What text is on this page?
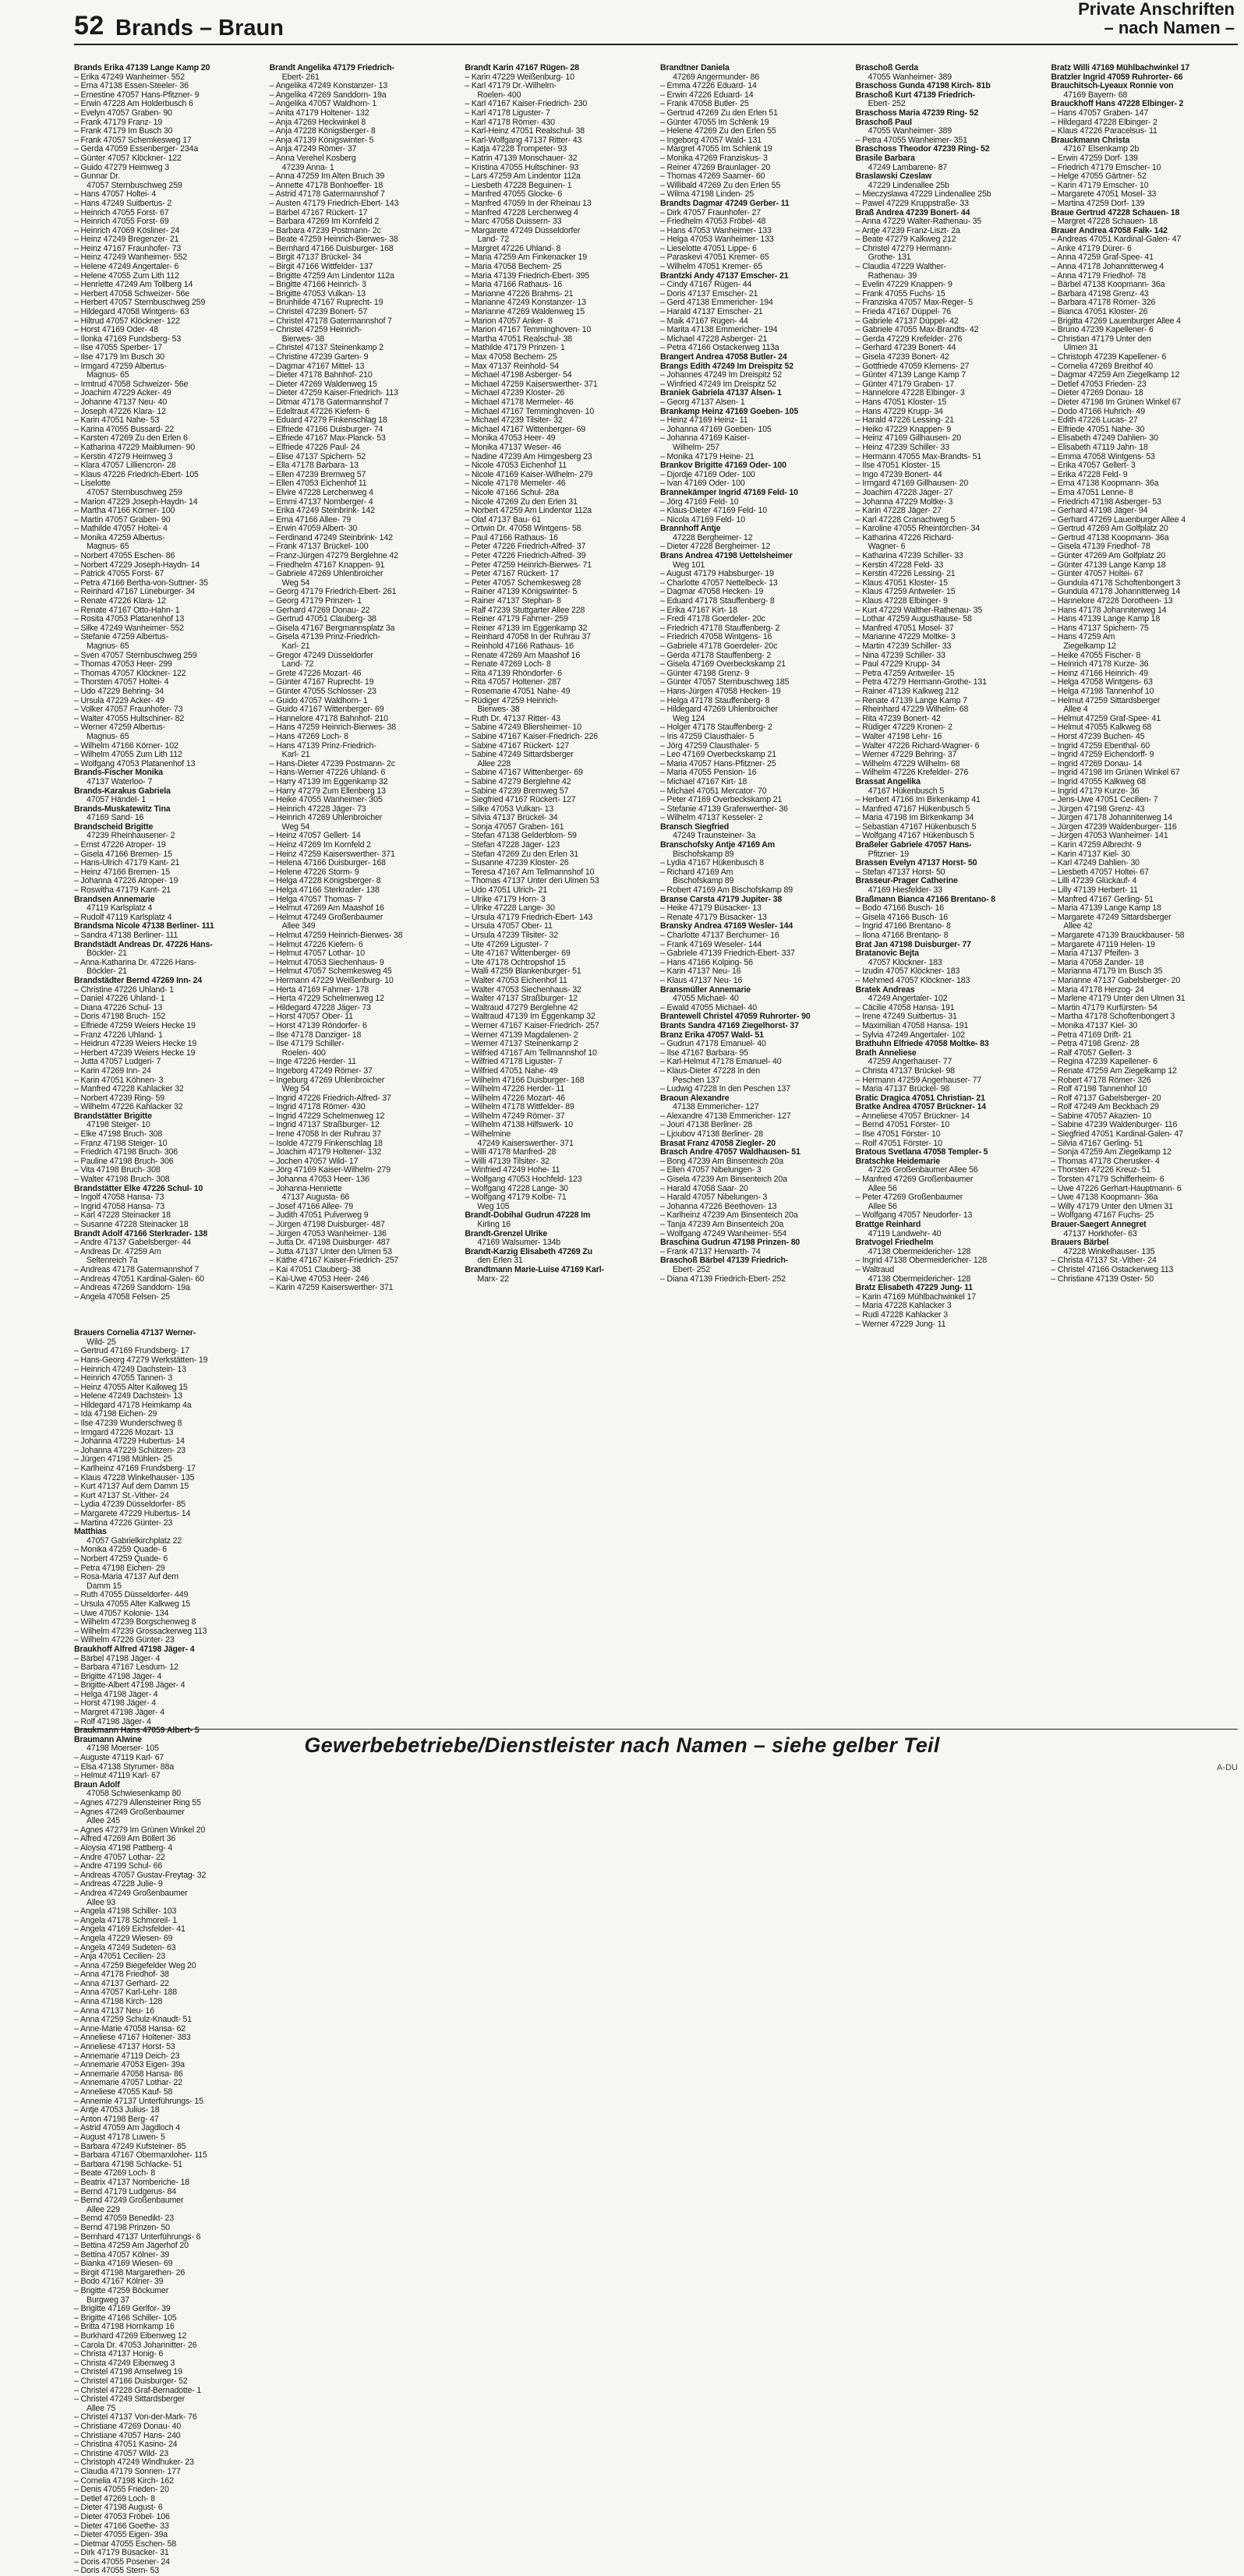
52 Brands – Braun
Private Anschriften
– nach Namen –
Brands Erika 47139 Lange Kamp 20
– Erika 47249 Wanheimer- 552
– Erna 47138 Essen-Steeler- 36
– Ernestine 47057 Hans-Pfitzner- 9
– Erwin 47228 Am Holderbusch 6
– Evelyn 47057 Graben- 90
– Frank 47179 Franz- 19
– Frank 47179 Im Busch 30
– Frank 47057 Schemkesweg 17
– Gerda 47059 Essenberger- 234a
– Günter 47057 Klöckner- 122
– Guido 47279 Heimweg 3
– Gunnar Dr.
47057 Sternbuschweg 259
– Hans 47057 Holtei- 4
– Hans 47249 Suitbertus- 2
– Heinrich 47055 Forst- 67
– Heinrich 47055 Forst- 69
– Heinrich 47069 Kösliner- 24
– Heinz 47249 Bregenzer- 21
– Heinz 47167 Fraunhofer- 73
– Heinz 47249 Wanheimer- 552
– Helene 47249 Angertaler- 6
– Helene 47055 Zum Lith 112
– Henriette 47249 Am Tollberg 14
– Herbert 47058 Schweizer- 56e
– Herbert 47057 Sternbuschweg 259
– Hildegard 47058 Wintgens- 63
– Hiltrud 47057 Klöckner- 122
– Horst 47169 Oder- 48
– Ilonka 47169 Fundsberg- 53
– Ilse 47055 Sperber- 17
– Ilse 47179 Im Busch 30
– Irmgard 47259 Albertus-
Magnus- 65
– Irmtrud 47058 Schweizer- 56e
– Joachim 47229 Acker- 49
– Johanne 47137 Neu- 40
– Joseph 47226 Klara- 12
– Karin 47051 Nahe- 53
– Karina 47055 Bussard- 22
– Karsten 47269 Zu den Erlen 6
– Katharina 47229 Maiblumen- 90
– Kerstin 47279 Heimweg 3
– Klara 47057 Lilliencron- 28
– Klaus 47226 Friedrich-Ebert- 105
– Liselotte
47057 Sternbuschweg 259
– Marion 47229 Joseph-Haydn- 14
– Martha 47166 Körner- 100
– Martin 47057 Graben- 90
– Mathilde 47057 Holtei- 4
– Monika 47259 Albertus-
Magnus- 65
– Norbert 47055 Eschen- 86
– Norbert 47229 Joseph-Haydn- 14
– Patrick 47055 Forst- 67
– Petra 47166 Bertha-von-Suttner- 35
– Reinhard 47167 Lüneburger- 34
– Renate 47226 Klara- 12
– Renate 47167 Otto-Hahn- 1
– Rosita 47053 Platanenhof 13
– Silke 47249 Wanheimer- 552
– Stefanie 47259 Albertus-
Magnus- 65
– Sven 47057 Sternbuschweg 259
– Thomas 47053 Heer- 299
– Thomas 47057 Klöckner- 122
– Thorsten 47057 Holtei- 4
– Udo 47229 Behring- 34
– Ursula 47229 Acker- 49
– Volker 47057 Fraunhofer- 73
– Walter 47055 Hultschiner- 82
– Werner 47259 Albertus-
Magnus- 65
– Wilhelm 47166 Körner- 102
– Wilhelm 47055 Zum Lith 112
– Wolfgang 47053 Platanenhof 13
Brands-Fischer Monika
47137 Waterloo- 7
Brands-Karakus Gabriela
47057 Händel- 1
Brands-Muskatewitz Tina
47169 Sand- 16
Brandscheid Brigitte
47239 Rheinhausener- 2
– Ernst 47226 Atroper- 19
– Gisela 47166 Bremen- 15
– Hans-Ulrich 47179 Kant- 21
– Heinz 47166 Bremen- 15
– Johanna 47226 Atroper- 19
– Roswitha 47179 Kant- 21
Brandsen Annemarie
47119 Karlsplatz 4
– Rudolf 47119 Karlsplatz 4
Brandsma Nicole 47138 Berliner- 111
– Sandra 47138 Berliner- 111
Brandstädt Andreas Dr. 47226 Hans-
Böckler- 21
– Anna-Katharina Dr. 47226 Hans-
Böckler- 21
Brandstädter Bernd 47269 Inn- 24
– Christine 47226 Uhland- 1
– Daniel 47226 Uhland- 1
– Diana 47226 Schul- 13
– Doris 47198 Bruch- 152
– Elfriede 47259 Weiers Hecke 19
– Franz 47226 Uhland- 1
– Heidrun 47239 Weiers Hecke 19
– Herbert 47239 Weiers Hecke 19
– Jutta 47057 Ludgeri- 7
– Karin 47269 Inn- 24
– Karin 47051 Köhnen- 3
– Manfred 47228 Kahlacker 32
– Norbert 47239 Ring- 59
– Wilhelm 47226 Kahlacker 32
Brandstätter Brigitte
47198 Steiger- 10
– Elke 47198 Bruch- 308
– Franz 47198 Steiger- 10
– Friedrich 47198 Bruch- 306
– Pauline 47198 Bruch- 306
– Vita 47198 Bruch- 308
– Walter 47198 Bruch- 308
Brandstätter Elke 47226 Schul- 10
– Ingolf 47058 Hansa- 73
– Ingrid 47058 Hansa- 73
– Karl 47228 Steinacker 18
– Susanne 47228 Steinacker 18
Brandt Adolf 47166 Sterkrader- 138
– Andre 47137 Gabelsberger- 44
– Andreas Dr. 47259 Am
Seltenreich 7a
– Andreas 47178 Gatermannshof 7
– Andreas 47051 Kardinal-Galen- 60
– Andreas 47269 Sanddorn- 19a
– Angela 47058 Felsen- 25
Brandt Angelika 47179 Friedrich-
Ebert- 261
– Angelika 47249 Konstanzer- 13
– Angelika 47269 Sanddorn- 19a
– Angelika 47057 Waldhorn- 1
– Anita 47179 Holtener- 132
– Anja 47269 Heckwinkel 8
– Anja 47228 Königsberger- 8
– Anja 47139 Königswinter- 5
– Anja 47249 Römer- 37
– Anna Verehel Kosberg
47239 Anna- 1
– Anna 47259 Im Alten Bruch 39
– Annette 47178 Bonhoeffer- 18
– Astrid 47178 Gatermannshof 7
– Austen 47179 Friedrich-Ebert- 143
– Bärbel 47167 Rückert- 17
– Barbara 47269 Im Kornfeld 2
– Barbara 47239 Postmann- 2c
– Beate 47259 Heinrich-Bierwes- 38
– Bernhard 47166 Duisburger- 168
– Birgit 47137 Brückel- 34
– Birgit 47166 Wittfelder- 137
– Brigitte 47259 Am Lindentor 112a
– Brigitte 47166 Heinrich- 3
– Brigitte 47053 Vulkan- 13
– Brunhilde 47167 Ruprecht- 19
– Christel 47239 Bonert- 57
– Christel 47178 Gatermannshof 7
– Christel 47259 Heinrich-
Bierwes- 38
– Christel 47137 Steinenkamp 2
– Christine 47239 Garten- 9
– Dagmar 47167 Mittel- 13
– Dieter 47178 Bahnhof- 210
– Dieter 47269 Waldenweg 15
– Dieter 47259 Kaiser-Friedrich- 113
– Ditmar 47178 Gatermannshof 7
– Edeltraut 47226 Kiefern- 6
– Eduard 47279 Finkenschlag 18
– Elfriede 47166 Duisburger- 74
– Elfriede 47167 Max-Planck- 53
– Elfriede 47226 Paul- 24
– Elise 47137 Spichern- 52
– Ella 47178 Barbara- 13
– Ellen 47239 Bremweg 57
– Ellen 47053 Eichenhof 11
– Elvire 47228 Lerchenweg 4
– Emmi 47137 Nomberger- 4
– Erika 47249 Steinbrink- 142
– Erna 47166 Allee- 79
– Erwin 47059 Albert- 30
– Ferdinand 47249 Steinbrink- 142
– Frank 47137 Brückel- 100
– Franz-Jürgen 47279 Berglehne 42
– Friedhelm 47167 Knappen- 91
– Gabriele 47269 Uhlenbroicher
Weg 54
– Georg 47179 Friedrich-Ebert- 261
– Georg 47179 Prinzen- 1
– Gerhard 47269 Donau- 22
– Gertrud 47051 Clauberg- 38
– Gisela 47167 Bergmannsplatz 3a
– Gisela 47139 Prinz-Friedrich-
Karl- 21
– Gregor 47249 Düsseldorfer
Land- 72
– Grete 47226 Mozart- 46
– Günter 47167 Ruprecht- 19
– Günter 47055 Schlosser- 23
– Guido 47057 Waldhorn- 1
– Guido 47167 Wittenberger- 69
– Hannelore 47178 Bahnhof- 210
– Hans 47259 Heinrich-Bierwes- 38
– Hans 47269 Loch- 8
– Hans 47139 Prinz-Friedrich-
Karl- 21
– Hans-Dieter 47239 Postmann- 2c
– Hans-Werner 47226 Uhland- 6
– Harry 47139 Im Eggenkamp 32
– Harry 47279 Zum Ellenberg 13
– Heike 47055 Wanheimer- 305
– Heinrich 47228 Jäger- 73
– Heinrich 47269 Uhlenbroicher
Weg 54
– Heinz 47057 Gellert- 14
– Heinz 47269 Im Kornfeld 2
– Heinz 47259 Kaiserswerther- 371
– Helena 47166 Duisburger- 168
– Helene 47226 Storm- 9
– Helga 47228 Königsberger- 8
– Helga 47166 Sterkrader- 138
– Helga 47057 Thomas- 7
– Helmut 47269 Am Maashof 16
– Helmut 47249 Großenbaumer
Allee 349
– Helmut 47259 Heinrich-Bierwes- 38
– Helmut 47226 Kiefern- 6
– Helmut 47057 Lothar- 10
– Helmut 47053 Siechenhaus- 9
– Helmut 47057 Schemkesweg 45
– Hermann 47229 Weißenburg- 10
– Herta 47169 Fahrner- 178
– Herta 47229 Schelmenweg 12
– Hildegard 47228 Jäger- 73
– Horst 47057 Ober- 11
– Horst 47139 Röndorfer- 6
– Ilse 47178 Danziger- 18
– Ilse 47179 Schiller-
Roelen- 400
– Inge 47226 Herder- 11
– Ingeborg 47249 Römer- 37
– Ingeburg 47269 Uhlenbroicher
Weg 54
– Ingrid 47226 Friedrich-Alfred- 37
– Ingrid 47178 Römer- 430
– Ingrid 47229 Schelmenweg 12
– Ingrid 47137 Straßburger- 12
– Irene 47058 In der Ruhrau 37
– Isolde 47279 Finkenschlag 18
– Joachim 47179 Holtener- 132
– Jochen 47057 Wild- 17
– Jörg 47169 Kaiser-Wilhelm- 279
– Johanna 47053 Heer- 136
– Johanna-Henriette
47137 Augusta- 66
– Josef 47166 Allee- 79
– Judith 47051 Pulverweg 9
– Jürgen 47198 Duisburger- 487
– Jürgen 47053 Wanheimer- 136
– Jutta Dr. 47198 Duisburger- 487
– Jutta 47137 Unter den Ulmen 53
– Käthe 47167 Kaiser-Friedrich- 257
– Kai 47051 Clauberg- 38
– Kai-Uwe 47053 Heer- 246
– Karin 47259 Kaiserswerther- 371
Brandt Karin 47167 Rügen- 28
– Karin 47229 Weißenburg- 10
– Karl 47179 Dr.-Wilhelm-
Roelen- 400
– Karl 47167 Kaiser-Friedrich- 230
– Karl 47178 Liguster- 7
– Karl 47178 Römer- 430
– Karl-Heinz 47051 Realschul- 38
– Karl-Wolfgang 47137 Ritter- 43
– Katja 47228 Trompeter- 93
– Katrin 47139 Monschauer- 32
– Kristina 47055 Hultschiner- 93
– Lars 47259 Am Lindentor 112a
– Liesbeth 47228 Beguinen- 1
– Manfred 47055 Glocke- 6
– Manfred 47059 In der Rheinau 13
– Manfred 47228 Lerchenweg 4
– Marc 47058 Duissern- 33
– Margarete 47249 Düsseldorfer
Land- 72
– Margret 47226 Uhland- 8
– Maria 47259 Am Finkenacker 19
– Maria 47058 Bechem- 25
– Maria 47139 Friedrich-Ebert- 395
– Maria 47166 Rathaus- 16
– Marianne 47226 Brahms- 21
– Marianne 47249 Konstanzer- 13
– Marianne 47269 Waldenweg 15
– Marion 47057 Anker- 8
– Marion 47167 Temminghoven- 10
– Martha 47051 Realschul- 38
– Mathilde 47179 Prinzen- 1
– Max 47058 Bechem- 25
– Max 47137 Reinhold- 54
– Michael 47198 Asberger- 54
– Michael 47259 Kaiserswerther- 371
– Michael 47239 Kloster- 26
– Michael 47178 Mermeler- 46
– Michael 47167 Temminghoven- 10
– Michael 47239 Tilsiter- 32
– Michael 47167 Wittenberger- 69
– Monika 47053 Heer- 49
– Monika 47137 Weser- 46
– Nadine 47239 Am Himgesberg 23
– Nicole 47053 Eichenhof 11
– Nicole 47169 Kaiser-Wilhelm- 279
– Nicole 47178 Memeler- 46
– Nicole 47166 Schul- 28a
– Nicole 47269 Zu den Erlen 31
– Norbert 47259 Am Lindentor 112a
– Olaf 47137 Bau- 61
– Ortwin Dr. 47058 Wintgens- 58
– Paul 47166 Rathaus- 16
– Peter 47226 Friedrich-Alfred- 37
– Peter 47226 Friedrich-Alfred- 39
– Peter 47259 Heinrich-Bierwes- 71
– Peter 47167 Rückert- 17
– Peter 47057 Schemkesweg 28
– Rainer 47139 Königswinter- 5
– Rainer 47137 Stephan- 8
– Ralf 47239 Stuttgarter Allee 228
– Reiner 47179 Fahrner- 259
– Reiner 47139 Im Eggenkamp 32
– Reinhard 47058 In der Ruhrau 37
– Reinhold 47166 Rathaus- 16
– Renate 47269 Am Maashof 16
– Renate 47269 Loch- 8
– Rita 47139 Rhöndorfer- 6
– Rita 47057 Holtener- 287
– Rosemarie 47051 Nahe- 49
– Rüdiger 47259 Heinrich-
Bierwes- 38
– Ruth Dr. 47137 Ritter- 43
– Sabine 47249 Bliersheimer- 10
– Sabine 47167 Kaiser-Friedrich- 226
– Sabine 47167 Rückert- 127
– Sabine 47249 Sittardsberger
Allee 228
– Sabine 47167 Wittenberger- 69
– Sabine 47279 Berglehne 42
– Sabine 47239 Bremweg 57
– Siegfried 47167 Rückert- 127
– Silke 47053 Vulkan- 13
– Silvia 47137 Brückel- 34
– Sonja 47057 Graben- 161
– Stefan 47138 Gelderblom- 59
– Stefan 47228 Jäger- 123
– Stefan 47269 Zu den Erlen 31
– Susanne 47239 Kloster- 26
– Teresa 47167 Am Tellmannshof 10
– Thomas 47137 Unter den Ulmen 53
– Udo 47051 Ulrich- 21
– Ulrike 47179 Horn- 3
– Ulrike 47228 Lange- 30
– Ursula 47179 Friedrich-Ebert- 143
– Ursula 47057 Ober- 11
– Ursula 47239 Tilsiter- 32
– Ute 47269 Liguster- 7
– Ute 47167 Wittenberger- 69
– Ute 47178 Ochtropshof 15
– Walli 47259 Blankenburger- 51
– Walter 47053 Eichenhof 11
– Walter 47053 Siechenhaus- 32
– Walter 47137 Straßburger- 12
– Waltraud 47279 Berglehne 42
– Waltraud 47139 Im Eggenkamp 32
– Werner 47167 Kaiser-Friedrich- 257
– Werner 47139 Magdalenen- 2
– Werner 47137 Steinenkamp 2
– Wilfried 47167 Am Tellmannshof 10
– Wilfried 47178 Liguster- 7
– Wilfried 47051 Nahe- 49
– Wilhelm 47166 Duisburger- 168
– Wilhelm 47226 Herder- 11
– Wilhelm 47226 Mozart- 46
– Wilhelm 47178 Wittfelder- 89
– Wilhelm 47249 Römer- 37
– Wilhelm 47138 Hilfswerk- 10
– Wilhelmine
47249 Kaiserswerther- 371
– Willi 47178 Manfred- 28
– Willi 47139 Tilsiter- 32
– Winfried 47249 Hohe- 11
– Wolfgang 47053 Hochfeld- 123
– Wolfgang 47228 Lange- 30
– Wolfgang 47179 Kolbe- 71
Weg 105
Brandt-Dobihal Gudrun 47228 Im
Kirling 16
Brandt-Grenzel Ulrike
47169 Walsumer- 134b
Brandt-Karzig Elisabeth 47269 Zu
den Erlen 31
Brandtmann Marie-Luise 47169 Karl-
Marx- 22
Brandtner Daniela
47269 Angermunder- 86
– Emma 47226 Eduard- 14
– Erwin 47226 Eduard- 14
– Frank 47058 Butler- 25
– Gertrud 47269 Zu den Erlen 51
– Günter 47055 Im Schlenk 19
– Helene 47269 Zu den Erlen 55
– Ingeborg 47057 Wald- 131
– Margret 47055 Im Schlenk 19
– Monika 47269 Franziskus- 3
– Reiner 47269 Braunlager- 20
– Thomas 47269 Saarner- 60
– Willibald 47269 Zu den Erlen 55
– Wilma 47198 Linden- 25
Brandts Dagmar 47249 Gerber- 11
– Dirk 47057 Fraunhofer- 27
– Friedhelm 47053 Fröbel- 48
– Hans 47053 Wanheimer- 133
– Helga 47053 Wanheimer- 133
– Lieselotte 47051 Lippe- 6
– Paraskevi 47051 Kremer- 65
– Wilhelm 47051 Kremer- 65
Brantzki Andy 47137 Emscher- 21
– Cindy 47167 Rügen- 44
– Doris 47137 Emscher- 21
– Gerd 47138 Emmericher- 194
– Harald 47137 Emscher- 21
– Maik 47167 Rügen- 44
– Marita 47138 Emmericher- 194
– Michael 47228 Asberger- 21
– Petra 47166 Ostackerweg 113a
Brangert Andrea 47058 Butler- 24
Brangs Edith 47249 Im Dreispitz 52
– Johannes 47249 Im Dreispitz 52
– Winfried 47249 Im Dreispitz 52
Braniek Gabriela 47137 Alsen- 1
– Georg 47137 Alsen- 1
Brankamp Heinz 47169 Goeben- 105
– Heinz 47169 Heinz- 11
– Johanna 47169 Goeben- 105
– Johanna 47169 Kaiser-
Wilhelm- 257
– Monika 47179 Heine- 21
Brankov Brigitte 47169 Oder- 100
– Djordje 47169 Oder- 100
– Ivan 47169 Oder- 100
Brannekämper Ingrid 47169 Feld- 10
– Jörg 47169 Feld- 10
– Klaus-Dieter 47169 Feld- 10
– Nicola 47169 Feld- 10
Brannhoff Antje
47228 Bergheimer- 12
– Dieter 47228 Bergheimer- 12
Brans Andrea 47198 Uettelsheimer
Weg 101
– August 47179 Habsburger- 19
– Charlotte 47057 Nettelbeck- 13
– Dagmar 47058 Hecken- 19
– Eduard 47178 Stauffenberg- 8
– Erika 47167 Kirt- 18
– Fredi 47178 Goerdeler- 20c
– Friedrich 47178 Stauffenberg- 2
– Friedrich 47058 Wintgens- 16
– Gabriele 47178 Goerdeler- 20c
– Gerda 47178 Stauffenberg- 2
– Gisela 47169 Overbeckskamp 21
– Günter 47198 Grenz- 9
– Günter 47057 Sternbuschweg 185
– Hans-Jürgen 47058 Hecken- 19
– Helga 47178 Stauffenberg- 8
– Hildegard 47269 Uhlenbroicher
Weg 124
– Holger 47178 Stauffenberg- 2
– Iris 47259 Clausthaler- 5
– Jörg 47259 Clausthaler- 5
– Leo 47169 Overbeckskamp 21
– Maria 47057 Hans-Pfitzner- 25
– Maria 47055 Pension- 16
– Michael 47167 Kirt- 18
– Michael 47051 Mercator- 70
– Peter 47169 Overbeckskamp 21
– Stefanie 47139 Grafenwerther- 36
– Wilhelm 47137 Kesseler- 2
Bransch Siegfried
47249 Traunsteiner- 3a
Branschofsky Antje 47169 Am
Bischofskamp 89
– Lydia 47167 Hükenbusch 8
– Richard 47169 Am
Bischofskamp 89
– Robert 47169 Am Bischofskamp 89
Branse Carsta 47179 Jupiter- 38
– Heike 47179 Büsacker- 13
– Renate 47179 Büsacker- 13
Bransky Andrea 47169 Wesler- 144
– Charlotte 47137 Berchumer- 16
– Frank 47169 Weseler- 144
– Gabriele 47139 Friedrich-Ebert- 337
– Hans 47166 Kolping- 56
– Karin 47137 Neu- 16
– Klaus 47137 Neu- 16
Bransmüller Annemarie
47055 Michael- 40
– Ewald 47055 Michael- 40
Brantewell Christel 47059 Ruhrorter- 90
Brants Sandra 47169 Ziegelhorst- 37
Branz Erika 47057 Wald- 51
– Gudrun 47178 Emanuel- 40
– Ilse 47167 Barbara- 95
– Karl-Helmut 47178 Emanuel- 40
– Klaus-Dieter 47228 In den
Peschen 137
– Ludwig 47228 In den Peschen 137
Braoun Alexandre
47138 Emmericher- 127
– Alexandre 47138 Emmericher- 127
– Jouri 47138 Berliner- 28
– Ljoubov 47138 Berliner- 28
Brasat Franz 47058 Ziegler- 20
Brasch Andre 47057 Waldhausen- 51
– Bong 47239 Am Binsenteich 20a
– Ellen 47057 Nibelungen- 3
– Gisela 47239 Am Binsenteich 20a
– Harald 47058 Saar- 20
– Harald 47057 Nibelungen- 3
– Johanna 47226 Beethoven- 13
– Karlheinz 47239 Am Binsenteich 20a
– Tanja 47239 Am Binsenteich 20a
– Wolfgang 47249 Wanheimer- 554
Braschina Gudrun 47198 Prinzen- 80
– Frank 47137 Herwarth- 74
Braschoß Bärbel 47139 Friedrich-
Ebert- 252
– Diana 47139 Friedrich-Ebert- 252
Braschoß Gerda
47055 Wanheimer- 389
Braschoss Gunda 47198 Kirch- 81b
Braschoß Kurt 47139 Friedrich-
Ebert- 252
Braschoss Maria 47239 Ring- 52
Braschoß Paul
47055 Wanheimer- 389
– Petra 47055 Wanheimer- 351
Braschoss Theodor 47239 Ring- 52
Brasile Barbara
47249 Lambarene- 87
Braslawski Czeslaw
47229 Lindenallee 25b
– Mieczyslawa 47229 Lindenallee 25b
– Pawel 47229 Kruppstraße- 33
Braß Andrea 47239 Bonert- 44
– Anna 47229 Walter-Rathenau- 35
– Antje 47239 Franz-Liszt- 2a
– Beate 47279 Kalkweg 212
– Christel 47279 Hermann-
Grothe- 131
– Claudia 47229 Walther-
Rathenau- 39
– Evelin 47229 Knappen- 9
– Frank 47055 Fuchs- 15
– Franziska 47057 Max-Reger- 5
– Frieda 47167 Düppel- 76
– Gabriele 47137 Düppel- 42
– Gabriele 47055 Max-Brandts- 42
– Gerda 47229 Krefelder- 276
– Gerhard 47239 Bonert- 44
– Gisela 47239 Bonert- 42
– Gottfriede 47059 Klemens- 27
– Günter 47139 Lange Kamp 7
– Günter 47179 Graben- 17
– Hannelore 47228 Elbinger- 3
– Hans 47051 Kloster- 15
– Hans 47229 Krupp- 34
– Harald 47226 Lessing- 21
– Heiko 47229 Knappen- 9
– Heinz 47169 Gillhausen- 20
– Heinz 47239 Schiller- 33
– Hermann 47055 Max-Brandts- 51
– Ilse 47051 Kloster- 15
– Ingo 47239 Bonert- 44
– Irmgard 47169 Gillhausen- 20
– Joachim 47228 Jäger- 27
– Johanna 47229 Moltke- 3
– Karin 47228 Jäger- 27
– Karl 47228 Cranachweg 5
– Karoline 47055 Rheintörchen- 34
– Katharina 47226 Richard-
Wagner- 6
– Katharina 47239 Schiller- 33
– Kerstin 47228 Feld- 33
– Kerstin 47226 Lessing- 21
– Klaus 47051 Kloster- 15
– Klaus 47259 Antweiler- 15
– Klaus 47228 Elbinger- 9
– Kurt 47229 Walther-Rathenau- 35
– Lothar 47259 Augusthause- 58
– Manfred 47051 Mosel- 37
– Marianne 47229 Moltke- 3
– Martin 47239 Schiller- 33
– Nina 47239 Schiller- 33
– Paul 47229 Krupp- 34
– Petra 47259 Antweiler- 15
– Petra 47279 Hermann-Grothe- 131
– Rainer 47139 Kalkweg 212
– Renate 47139 Lange Kamp 7
– Rheinhard 47229 Wilhelm- 68
– Rita 47239 Bonert- 42
– Rüdiger 47229 Kronen- 2
– Walter 47198 Lehr- 16
– Walter 47226 Richard-Wagner- 6
– Werner 47229 Behring- 37
– Wilhelm 47229 Wilhelm- 68
– Wilhelm 47226 Krefelder- 276
Brassat Angelika
47167 Hükenbusch 5
– Herbert 47166 Im Birkenkamp 41
– Manfred 47167 Hükenbusch 5
– Maria 47198 Im Birkenkamp 34
– Sebastian 47167 Hükenbusch 5
– Wolfgang 47167 Hükenbusch 5
Braßeler Gabriele 47057 Hans-
Pfitzner- 19
Brassen Evelyn 47137 Horst- 50
– Stefan 47137 Horst- 50
Brasseur-Prager Catherine
47169 Hiesfelder- 33
Braßmann Bianca 47166 Brentano- 8
– Bodo 47166 Busch- 16
– Gisela 47166 Busch- 16
– Ingrid 47166 Brentano- 8
– Ilona 47166 Brentano- 8
Brat Jan 47198 Duisburger- 77
Bratanovic Bejta
47057 Klöckner- 183
– Izudin 47057 Klöckner- 183
– Mehmed 47057 Klöckner- 183
Bratek Andreas
47249 Angertaler- 102
– Cäcilie 47058 Hansa- 191
– Irene 47249 Suitbertus- 31
– Maximilian 47058 Hansa- 191
– Sylvia 47249 Angertaler- 102
Brathuhn Elfriede 47058 Moltke- 83
Brath Anneliese
47259 Angerhauser- 77
– Christa 47137 Brückel- 98
– Hermann 47259 Angerhauser- 77
– Maria 47137 Brückel- 98
Bratic Dragica 47051 Christian- 21
Bratke Andrea 47057 Brückner- 14
– Anneliese 47057 Brückner- 14
– Bernd 47051 Förster- 10
– Ilse 47051 Förster- 10
– Rolf 47051 Förster- 10
Bratous Svetlana 47058 Templer- 5
Bratschke Heidemarie
47226 Großenbaumer Allee 56
– Manfred 47269 Großenbaumer
Allee 56
– Peter 47269 Großenbaumer
Allee 56
– Wolfgang 47057 Neudorfer- 13
Brattge Reinhard
47119 Landwehr- 40
Bratvogel Friedhelm
47138 Obermeidericher- 128
– Ingrid 47138 Obermeidericher- 128
– Waltraud
47138 Obermeidericher- 128
Bratz Elisabeth 47229 Jung- 11
– Karin 47169 Mühlbachwinkel 17
– Maria 47228 Kahlacker 3
– Rudi 47228 Kahlacker 3
– Werner 47229 Jung- 11
Bratz Willi 47169 Mühlbachwinkel 17
Bratzler Ingrid 47059 Ruhrorter- 66
Brauchitsch-Lyeaux Ronnie von
47169 Bayern- 68
Brauckhoff Hans 47228 Elbinger- 2
– Hans 47057 Graben- 147
– Hildegard 47228 Elbinger- 2
– Klaus 47226 Paracelsus- 11
Brauckmann Christa
47167 Elsenkamp 2b
– Erwin 47259 Dorf- 139
– Friedrich 47179 Emscher- 10
– Helge 47055 Gärtner- 52
– Karin 47179 Emscher- 10
– Margarete 47051 Mosel- 33
– Martina 47259 Dorf- 139
Braue Gertrud 47228 Schauen- 18
– Margret 47228 Schauen- 18
Brauer Andrea 47058 Falk- 142
– Andreas 47051 Kardinal-Galen- 47
– Anke 47179 Dürer- 6
– Anna 47259 Graf-Spee- 41
– Anna 47178 Johannitterweg 4
– Anna 47179 Friedhof- 78
– Bärbel 47138 Koopmann- 36a
– Barbara 47198 Grenz- 43
– Barbara 47178 Römer- 326
– Bianca 47051 Kloster- 26
– Brigitta 47269 Lauenburger Allee 4
– Bruno 47239 Kapellener- 6
– Christian 47179 Unter den
Ulmen 31
– Christoph 47239 Kapellener- 6
– Cornelia 47269 Breithof 40
– Dagmar 47259 Am Ziegelkamp 12
– Detlef 47053 Frieden- 23
– Dieter 47269 Donau- 18
– Dieter 47198 Im Grünen Winkel 67
– Dodo 47166 Huhrich- 49
– Edith 47226 Lucas- 27
– Elfriede 47051 Nahe- 30
– Elisabeth 47249 Dahlien- 30
– Elisabeth 47119 Jahn- 18
– Emma 47058 Wintgens- 53
– Erika 47057 Gellert- 3
– Erika 47228 Feld- 9
– Erna 47138 Koopmann- 36a
– Erna 47051 Lenne- 8
– Friedrich 47198 Asberger- 53
– Gerhard 47198 Jäger- 94
– Gerhard 47269 Lauenburger Allee 4
– Gertrud 47269 Am Golfplatz 20
– Gertrud 47138 Koopmann- 36a
– Gisela 47139 Friedhof- 78
– Günter 47269 Am Golfplatz 20
– Günter 47139 Lange Kamp 18
– Günter 47057 Holtei- 67
– Gundula 47178 Schoftenbongert 3
– Gundula 47178 Johannitterweg 14
– Hannelore 47226 Dorotheen- 13
– Hans 47178 Johanniterweg 14
– Hans 47139 Lange Kamp 18
– Hans 47137 Spichern- 75
– Hans 47259 Am
Ziegelkamp 12
– Heike 47055 Fischer- 8
– Heinrich 47178 Kurze- 36
– Heinz 47166 Heinrich- 49
– Helga 47058 Wintgens- 63
– Helga 47198 Tannenhof 10
– Helmut 47259 Sittardsberger
Allee 4
– Helmut 47259 Graf-Spee- 41
– Helmut 47055 Kalkweg 68
– Horst 47239 Buchen- 45
– Ingrid 47259 Ebenthal- 60
– Ingrid 47259 Eichendorff- 9
– Ingrid 47269 Donau- 14
– Ingrid 47198 Im Grünen Winkel 67
– Ingrid 47055 Kalkweg 68
– Ingrid 47179 Kurze- 36
– Jens-Uwe 47051 Cecilien- 7
– Jürgen 47198 Grenz- 43
– Jürgen 47178 Johanniterweg 14
– Jürgen 47239 Waldenburger- 116
– Jürgen 47053 Wanheimer- 141
– Karin 47259 Albrecht- 9
– Karin 47137 Kiel- 30
– Karl 47249 Dahlien- 30
– Liesbeth 47057 Holtei- 67
– Lilli 47239 Glückauf- 4
– Lilly 47139 Herbert- 11
– Manfred 47167 Gerling- 51
– Maria 47139 Lange Kamp 18
– Margarete 47249 Sittardsberger
Allee 42
– Margarete 47139 Brauckbauser- 58
– Margarete 47119 Helen- 19
– Maria 47137 Pfeifen- 3
– Maria 47058 Zander- 18
– Marianna 47179 Im Busch 35
– Marianne 47137 Gabelsberger- 20
– Maria 47178 Herzog- 24
– Marlene 47179 Unter den Ulmen 31
– Martin 47179 Kurfürsten- 54
– Martha 47178 Schoftenbongert 3
– Monika 47137 Kiel- 30
– Petra 47169 Drift- 21
– Petra 47198 Grenz- 28
– Ralf 47057 Gellert- 3
– Regina 47239 Kapellener- 6
– Renate 47259 Am Ziegelkamp 12
– Robert 47178 Römer- 326
– Rolf 47198 Tannenhof 10
– Rolf 47137 Gabelsberger- 20
– Rolf 47249 Am Beckbach 29
– Sabine 47057 Akazien- 10
– Sabine 47239 Waldenburger- 116
– Siegfried 47051 Kardinal-Galen- 47
– Silvia 47167 Gerling- 51
– Sonja 47259 Am Ziegelkamp 12
– Thomas 47178 Cherusker- 4
– Thorsten 47226 Kreuz- 51
– Torsten 47179 Schifferheim- 6
– Uwe 47226 Gerhart-Hauptmann- 6
– Uwe 47138 Koopmann- 36a
– Willy 47179 Unter den Ulmen 31
– Wolfgang 47167 Fuchs- 25
Brauer-Saegert Annegret
47137 Horkhofer- 63
Brauers Bärbel
47228 Winkelhauser- 135
– Christa 47137 St.-Vither- 24
– Christel 47166 Ostackerweg 113
– Christiane 47139 Oster- 50
Brauers Cornelia 47137 Werner-
Wild- 25
– Gertrud 47169 Frundsberg- 17
– Hans-Georg 47279 Werkstätten- 19
– Heinrich 47249 Dachstein- 13
– Heinrich 47055 Tannen- 3
– Heinz 47055 Alter Kalkweg 15
– Helene 47249 Dachstein- 13
– Hildegard 47178 Heimkamp 4a
– Ida 47198 Eichen- 29
– Ilse 47239 Wunderschweg 8
– Irmgard 47226 Mozart- 13
– Johanna 47229 Hubertus- 14
– Johanna 47229 Schützen- 23
– Jürgen 47198 Mühlen- 25
– Karlheinz 47169 Frundsberg- 17
– Klaus 47228 Winkelhauser- 135
– Kurt 47137 Auf dem Damm 15
– Kurt 47137 St.-Vither- 24
– Lydia 47239 Düsseldorfer- 85
– Margarete 47229 Hubertus- 14
– Martina 47226 Günter- 23
Matthias
47057 Gabrielkirchplatz 22
– Monika 47259 Quade- 6
– Norbert 47259 Quade- 6
– Petra 47198 Eichen- 29
– Rosa-Maria 47137 Auf dem
Damm 15
– Ruth 47055 Düsseldorfer- 449
– Ursula 47055 Alter Kalkweg 15
– Uwe 47057 Kolonie- 134
– Wilhelm 47239 Borgschenweg 8
– Wilhelm 47239 Grossackerweg 113
– Wilhelm 47226 Günter- 23
Braukhoff Alfred 47198 Jäger- 4
– Bärbel 47198 Jäger- 4
– Barbara 47167 Lesdum- 12
– Brigitte 47198 Jäger- 4
– Brigitte-Albert 47198 Jäger- 4
– Helga 47198 Jäger- 4
– Horst 47198 Jäger- 4
– Margret 47198 Jäger- 4
– Rolf 47198 Jäger- 4
Braukmann Hans 47059 Albert- 5
Braumann Alwine
47198 Moerser- 105
– Auguste 47119 Karl- 67
– Elsa 47138 Styrumer- 88a
– Helmut 47119 Karl- 67
Braun Adolf
47058 Schwiesenkamp 80
– Agnes 47279 Allensteiner Ring 55
– Agnes 47249 Großenbaumer
Allee 245
– Agnes 47279 Im Grünen Winkel 20
– Alfred 47269 Am Böllert 36
– Aloysia 47198 Pattberg- 4
– Andre 47057 Lothar- 22
– Andre 47199 Schul- 66
– Andreas 47057 Gustav-Freytag- 32
– Andreas 47228 Julie- 9
– Andrea 47249 Großenbaumer
Allee 93
– Angela 47198 Schiller- 103
– Angela 47178 Schmoreil- 1
– Angela 47169 Eichsfelder- 41
– Angela 47229 Wiesen- 69
– Angela 47249 Sudeten- 63
– Anja 47051 Cecilien- 23
– Anna 47259 Biegefelder Weg 20
– Anna 47178 Friedhof- 38
– Anna 47137 Gerhard- 22
– Anna 47057 Karl-Lehr- 188
– Anna 47198 Kirch- 128
– Anna 47137 Neu- 16
– Anna 47259 Schulz-Knaudt- 51
– Anne-Marie 47058 Hansa- 62
– Anneliese 47167 Holtener- 383
– Anneliese 47137 Horst- 53
– Annemarie 47119 Deich- 23
– Annemarie 47053 Eigen- 39a
– Annemarie 47058 Hansa- 86
– Annemarie 47057 Lothar- 22
– Anneliese 47055 Kauf- 58
– Annemie 47137 Unterführungs- 15
– Antje 47053 Julius- 18
– Anton 47198 Berg- 47
– Astrid 47059 Am Jagdloch 4
– August 47178 Luwen- 5
– Barbara 47249 Kufsteiner- 85
– Barbara 47167 Obermarxloher- 115
– Barbara 47198 Schlacke- 51
– Beate 47269 Loch- 8
– Beatrix 47137 Nomberiche- 18
– Bernd 47179 Ludgerus- 84
– Bernd 47249 Großenbaumer
Allee 229
– Bernd 47059 Benedikt- 23
– Bernd 47198 Prinzen- 50
– Bernhard 47137 Unterführungs- 6
– Bettina 47259 Am Jägerhof 20
– Bettina 47057 Kölner- 39
– Bianka 47169 Wiesen- 69
– Birgit 47198 Margarethen- 26
– Bodo 47167 Kölner- 39
– Brigitte 47259 Böckumer
Burgweg 37
– Brigitte 47169 Gerlfor- 39
– Brigitte 47166 Schiller- 105
– Britta 47198 Hornkamp 16
– Burkhard 47269 Eibenweg 12
– Carola Dr. 47053 Johannitter- 26
– Christa 47137 Honig- 6
– Christa 47249 Eibenweg 3
– Christel 47198 Amselweg 19
– Christel 47166 Duisburger- 52
– Christel 47228 Graf-Bernadotte- 1
– Christel 47249 Sittardsberger
Allee 75
– Christel 47137 Von-der-Mark- 76
– Christiane 47269 Donau- 40
– Christiane 47057 Hans- 240
– Christina 47051 Kasino- 24
– Christine 47057 Wild- 23
– Christoph 47249 Windhuker- 23
– Claudia 47179 Sonnen- 177
– Cornelia 47198 Kirch- 162
– Denis 47055 Frieden- 20
– Detlef 47269 Loch- 8
– Dieter 47198 August- 6
– Dieter 47053 Fröbel- 106
– Dieter 47166 Goethe- 33
– Dieter 47055 Eigen- 39a
– Dietmar 47055 Eschen- 58
– Dirk 47179 Büsacker- 31
– Doris 47055 Posener- 24
– Doris 47055 Stern- 53
Gewerbebetriebe/Dienstleister nach Namen – siehe gelber Teil
A-DU
